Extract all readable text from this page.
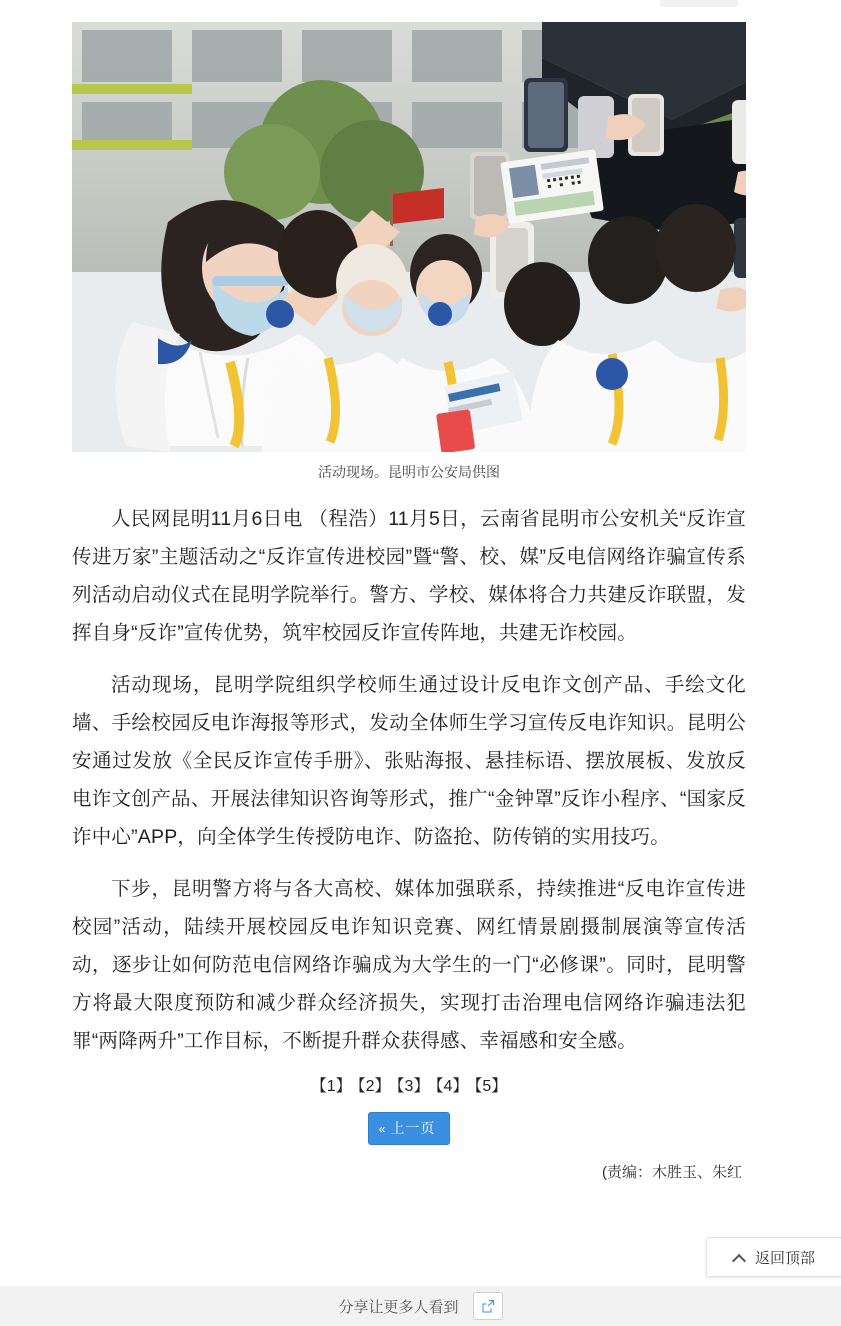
活动现场。昆明市公安局供图

人民网昆明11月6日电 （程浩）11月5日，云南省昆明市公安机关“反诈宣传进万家”主题活动之“反诈宣传进校园”暨“警、校、媒”反电信网络诈骗宣传系列活动启动仪式在昆明学院举行。警方、学校、媒体将合力共建反诈联盟，发挥自身“反诈”宣传优势，筑牢校园反诈宣传阵地，共建无诈校园。

活动现场，昆明学院组织学校师生通过设计反电诈文创产品、手绘文化墙、手绘校园反电诈海报等形式，发动全体师生学习宣传反电诈知识。昆明公安通过发放《全民反诈宣传手册》、张贴海报、悬挂标语、摆放展板、发放反电诈文创产品、开展法律知识咨询等形式，推广“金钟罩”反诈小程序、“国家反诈中心”APP，向全体学生传授防电诈、防盗抢、防传销的实用技巧。

下步，昆明警方将与各大高校、媒体加强联系，持续推进“反电诈宣传进校园”活动，陆续开展校园反电诈知识竞赛、网红情景剧摄制展演等宣传活动，逐步让如何防范电信网络诈骗成为大学生的一门“必修课”。同时，昆明警方将最大限度预防和减少群众经济损失，实现打击治理电信网络诈骗违法犯罪“两降两升”工作目标，不断提升群众获得感、幸福感和安全感。

【1】 【2】 【3】 【4】 【5】
« 上一页
(责编：木胜玉、朱红
返回顶部
分享让更多人看到
